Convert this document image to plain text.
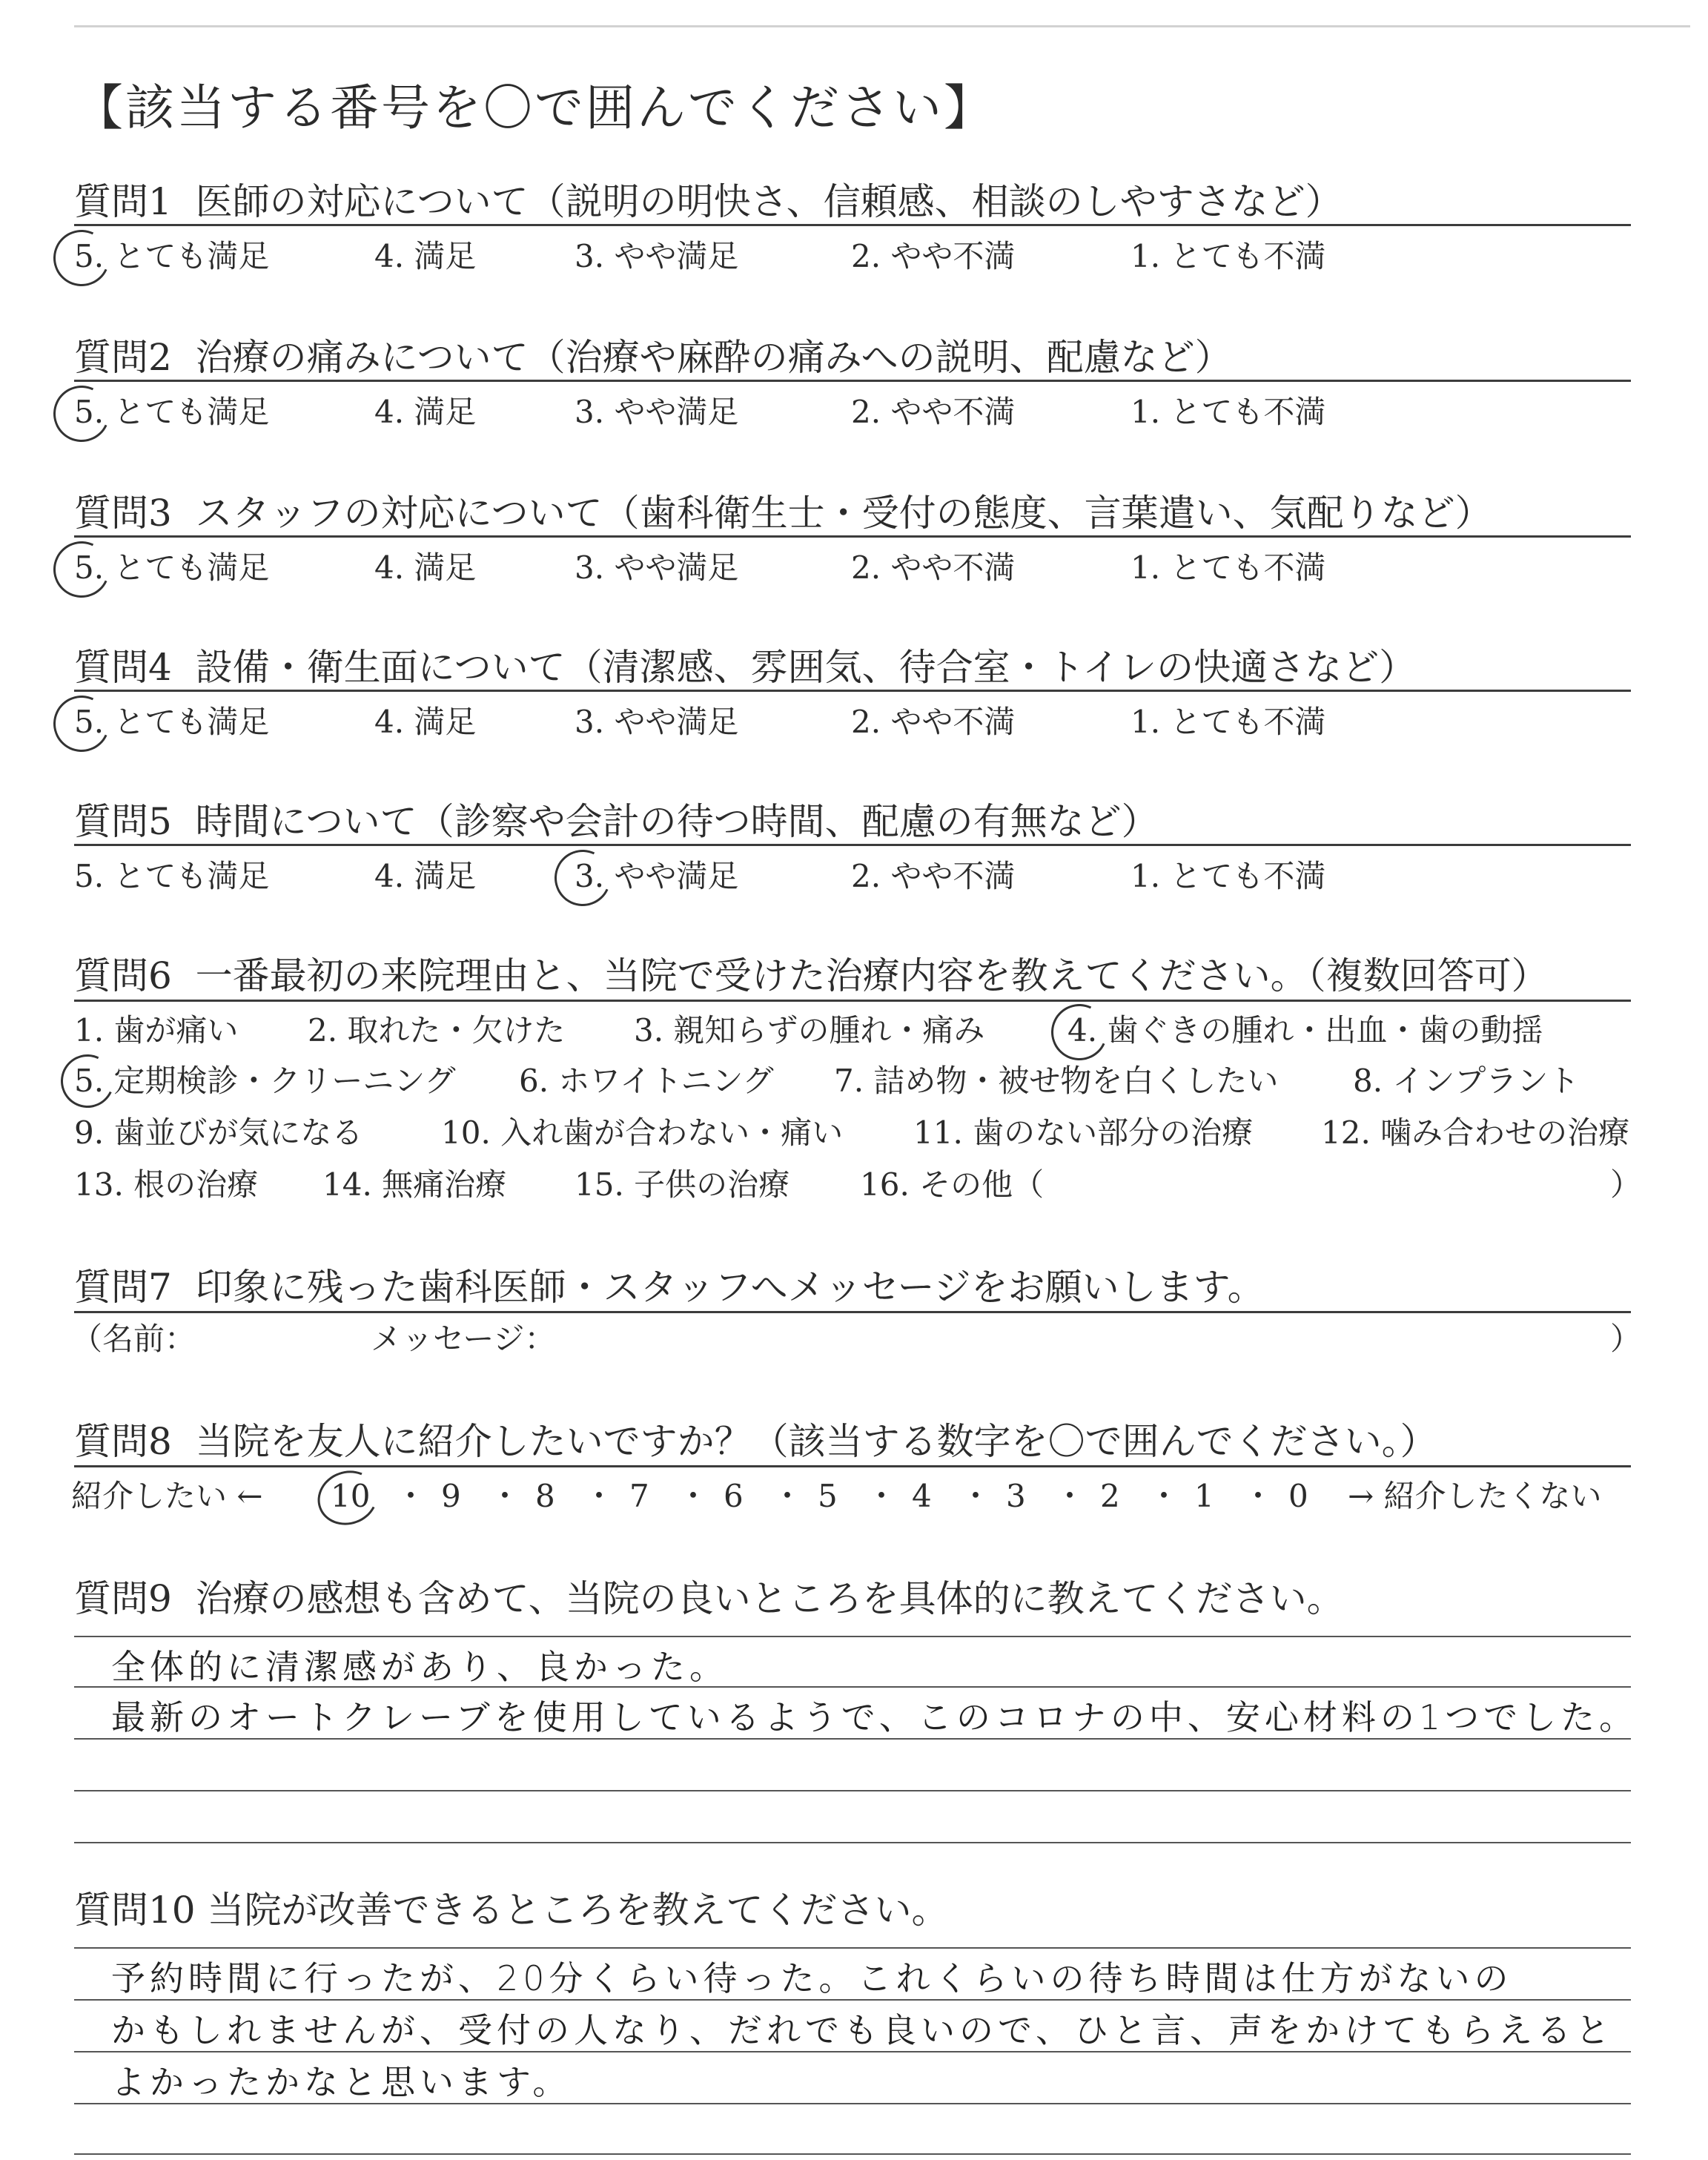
【該当する番号を〇で囲んでください】
質問1 医師の対応について（説明の明快さ、信頼感、相談のしやすさなど）
5. とても満足	4. 満足	3. やや満足	2. やや不満	1. とても不満
質問2 治療の痛みについて（治療や麻酔の痛みへの説明、配慮など）
5. とても満足	4. 満足	3. やや満足	2. やや不満	1. とても不満
質問3 スタッフの対応について（歯科衛生士・受付の態度、言葉遣い、気配りなど）
5. とても満足	4. 満足	3. やや満足	2. やや不満	1. とても不満
質問4 設備・衛生面について（清潔感、雰囲気、待合室・トイレの快適さなど）
5. とても満足	4. 満足	3. やや満足	2. やや不満	1. とても不満
質問5 時間について（診察や会計の待つ時間、配慮の有無など）
5. とても満足	4. 満足	3. やや満足	2. やや不満	1. とても不満
質問6 一番最初の来院理由と、当院で受けた治療内容を教えてください。（複数回答可）
1. 歯が痛い 2. 取れた・欠けた 3. 親知らずの腫れ・痛み	4. 歯ぐきの腫れ・出血・歯の動揺
5. 定期検診・クリーニング 6. ホワイトニング 7. 詰め物・被せ物を白くしたい 8. インプラント
9. 歯並びが気になる	10. 入れ歯が合わない・痛い 11. 歯のない部分の治療 12. 噛み合わせの治療
13. 根の治療 14. 無痛治療 15. 子供の治療 16. その他（	）
質問7 印象に残った歯科医師・スタッフへメッセージをお願いします。
（名前：	メッセージ：	）
質問8 当院を友人に紹介したいですか？（該当する数字を〇で囲んでください。）
紹介したい ←	→ 紹介したくない
10 ・ 9 ・ 8 ・ 7 ・ 6 ・ 5 ・ 4 ・ 3 ・ 2 ・ 1 ・ 0
質問9 治療の感想も含めて、当院の良いところを具体的に教えてください。
全体的に清潔感があり、良かった。
最新のオートクレーブを使用しているようで、このコロナの中、安心材料の1つでした。
質問10 当院が改善できるところを教えてください。
予約時間に行ったが、20分くらい待った。これくらいの待ち時間は仕方がないの
かもしれませんが、受付の人なり、だれでも良いので、ひと言、声をかけてもらえると
よかったかなと思います。
